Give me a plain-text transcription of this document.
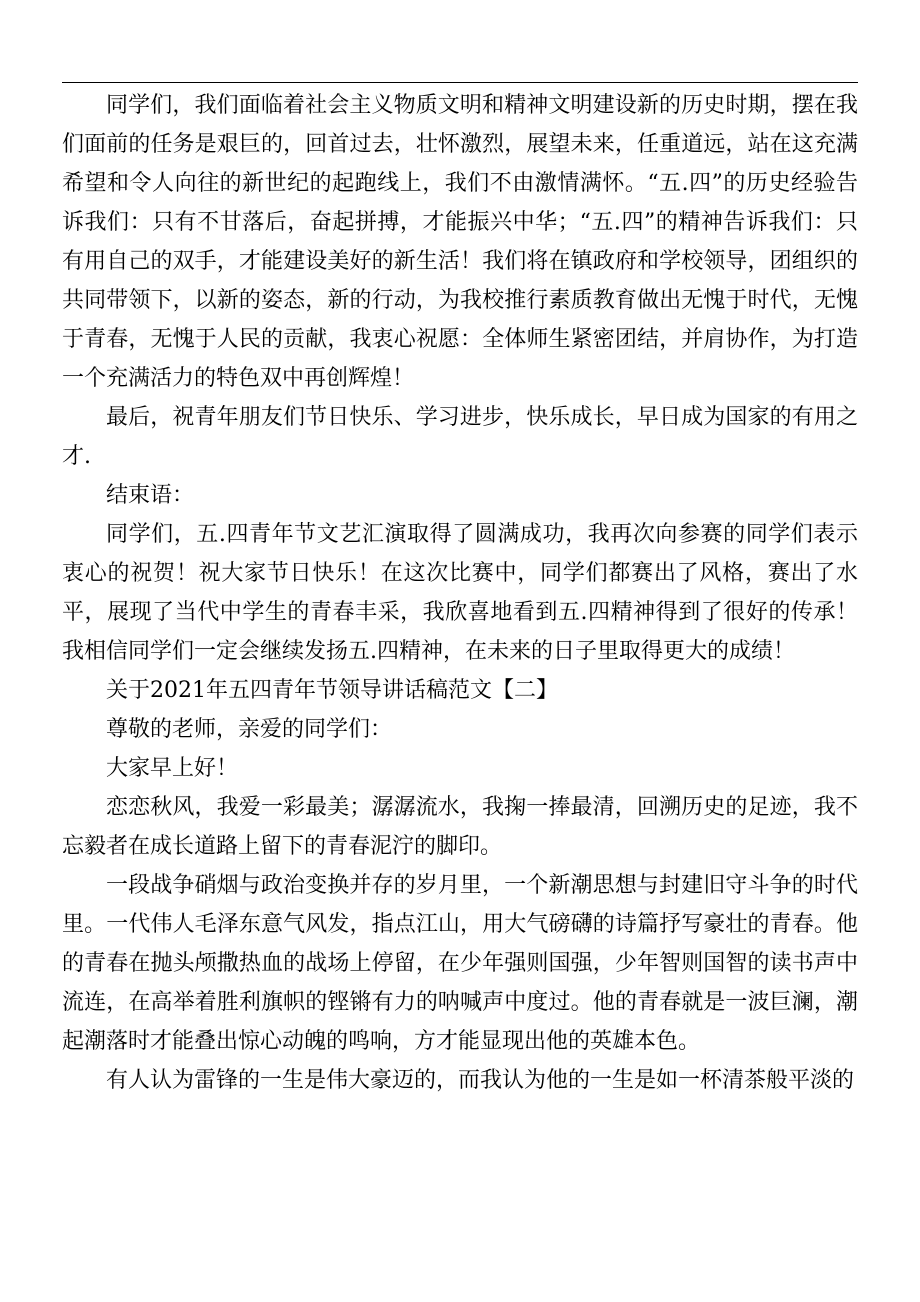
同学们，我们面临着社会主义物质文明和精神文明建设新的历史时期，摆在我们面前的任务是艰巨的，回首过去，壮怀激烈，展望未来，任重道远，站在这充满希望和令人向往的新世纪的起跑线上，我们不由激情满怀。“五.四”的历史经验告诉我们：只有不甘落后，奋起拼搏，才能振兴中华；“五.四”的精神告诉我们：只有用自己的双手，才能建设美好的新生活！我们将在镇政府和学校领导，团组织的共同带领下，以新的姿态，新的行动，为我校推行素质教育做出无愧于时代，无愧于青春，无愧于人民的贡献，我衷心祝愿：全体师生紧密团结，并肩协作，为打造一个充满活力的特色双中再创辉煌！

最后，祝青年朋友们节日快乐、学习进步，快乐成长，早日成为国家的有用之才.

结束语：

同学们，五.四青年节文艺汇演取得了圆满成功，我再次向参赛的同学们表示衷心的祝贺！祝大家节日快乐！在这次比赛中，同学们都赛出了风格，赛出了水平，展现了当代中学生的青春丰采，我欣喜地看到五.四精神得到了很好的传承！我相信同学们一定会继续发扬五.四精神，在未来的日子里取得更大的成绩！

关于2021年五四青年节领导讲话稿范文【二】

尊敬的老师，亲爱的同学们：

大家早上好！

恋恋秋风，我爱一彩最美；潺潺流水，我掬一捧最清，回溯历史的足迹，我不忘毅者在成长道路上留下的青春泥泞的脚印。

一段战争硝烟与政治变换并存的岁月里，一个新潮思想与封建旧守斗争的时代里。一代伟人毛泽东意气风发，指点江山，用大气磅礴的诗篇抒写豪壮的青春。他的青春在抛头颅撒热血的战场上停留，在少年强则国强，少年智则国智的读书声中流连，在高举着胜利旗帜的铿锵有力的呐喊声中度过。他的青春就是一波巨澜，潮起潮落时才能叠出惊心动魄的鸣响，方才能显现出他的英雄本色。

有人认为雷锋的一生是伟大豪迈的，而我认为他的一生是如一杯清茶般平淡的
